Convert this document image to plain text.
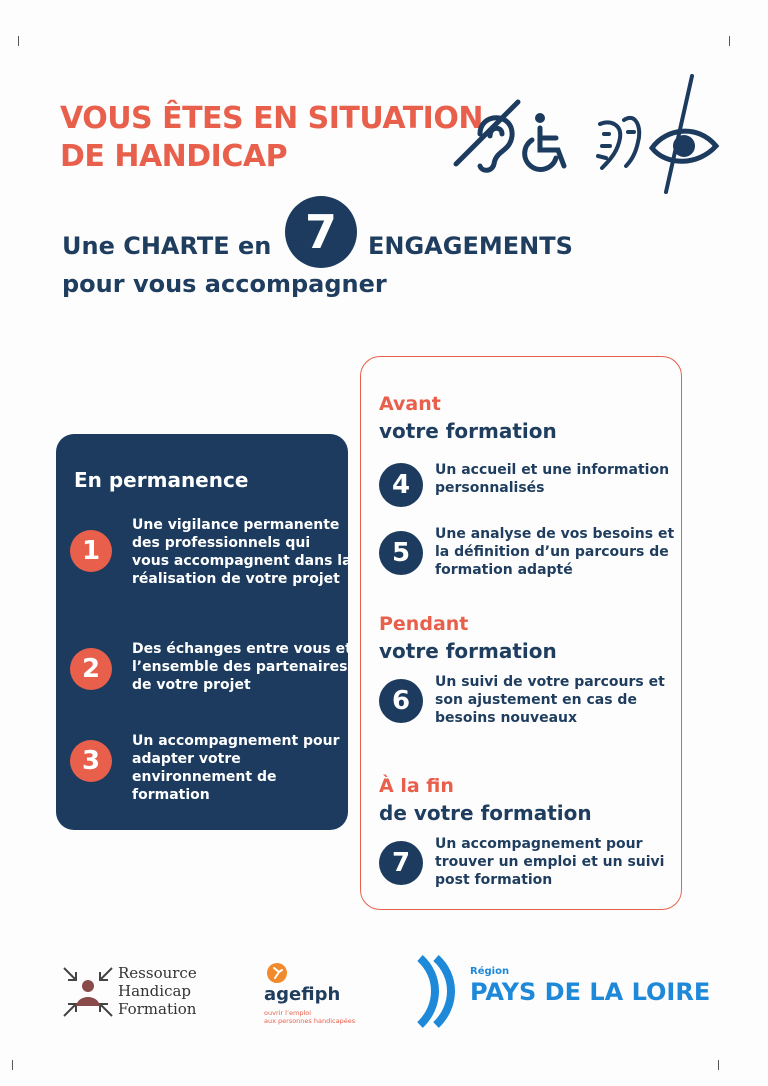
VOUS ÊTES EN SITUATION
DE HANDICAP
Une CHARTE en 7	ENGAGEMENTS
pour vous accompagner
En permanence
1
Une vigilance permanente des professionnels qui vous accompagnent dans la réalisation de votre projet
2
Des échanges entre vous et l’ensemble des partenaires de votre projet
3
Un accompagnement pour adapter votre environnement de formation
Avant
votre formation
4	Un accueil et une information personnalisés
5
Une analyse de vos besoins et la définition d’un parcours de formation adapté
Pendant
votre formation
6
Un suivi de votre parcours et son ajustement en cas de besoins nouveaux
À la fin
de votre formation
7
Un accompagnement pour trouver un emploi et un suivi post formation
Ressource
Handicap
Formation
agefiph
ouvrir l’emploi
aux personnes handicapées
Région
PAYS DE LA LOIRE
